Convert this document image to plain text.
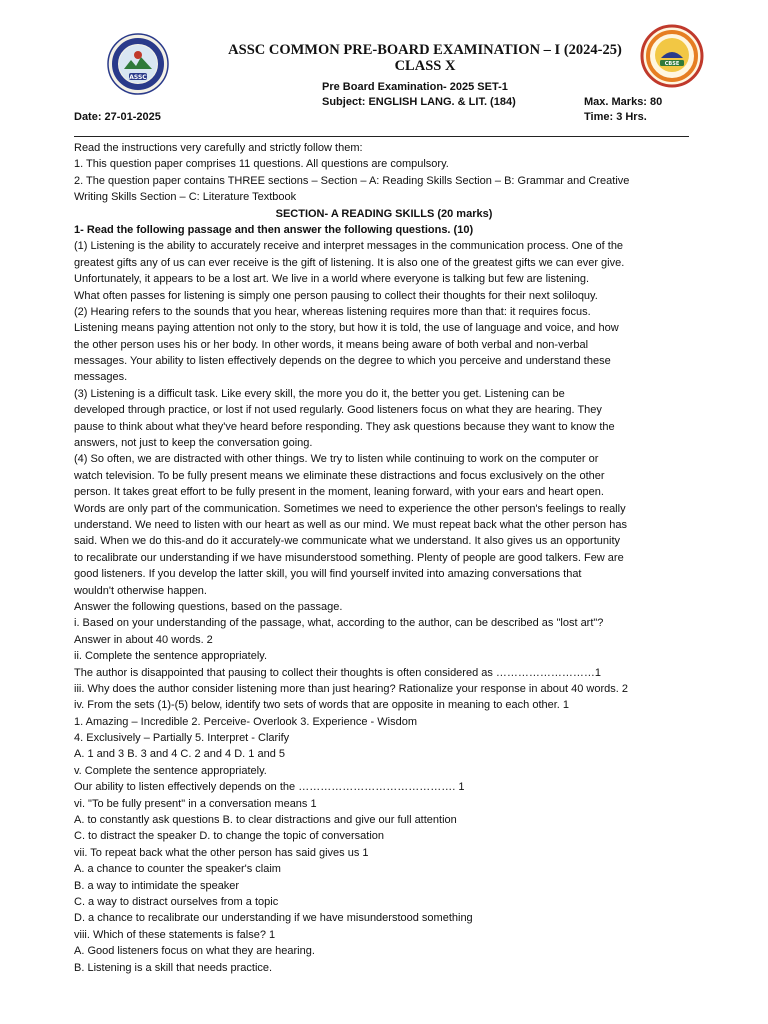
ASSC
CBSE
ASSC COMMON PRE-BOARD EXAMINATION – I (2024-25)
CLASS X
Pre Board Examination- 2025 SET-1
Subject: ENGLISH LANG. & LIT. (184)	Max. Marks: 80
Date: 27-01-2025	Time: 3 Hrs.
Read the instructions very carefully and strictly follow them:
1. This question paper comprises 11 questions. All questions are compulsory.
2. The question paper contains THREE sections – Section – A: Reading Skills Section – B: Grammar and Creative
Writing Skills Section – C: Literature Textbook
SECTION- A READING SKILLS (20 marks)
1- Read the following passage and then answer the following questions. (10)
(1) Listening is the ability to accurately receive and interpret messages in the communication process. One of the
greatest gifts any of us can ever receive is the gift of listening. It is also one of the greatest gifts we can ever give.
Unfortunately, it appears to be a lost art. We live in a world where everyone is talking but few are listening.
What often passes for listening is simply one person pausing to collect their thoughts for their next soliloquy.
(2) Hearing refers to the sounds that you hear, whereas listening requires more than that: it requires focus.
Listening means paying attention not only to the story, but how it is told, the use of language and voice, and how
the other person uses his or her body. In other words, it means being aware of both verbal and non-verbal
messages. Your ability to listen effectively depends on the degree to which you perceive and understand these
messages.
(3) Listening is a difficult task. Like every skill, the more you do it, the better you get. Listening can be
developed through practice, or lost if not used regularly. Good listeners focus on what they are hearing. They
pause to think about what they've heard before responding. They ask questions because they want to know the
answers, not just to keep the conversation going.
(4) So often, we are distracted with other things. We try to listen while continuing to work on the computer or
watch television. To be fully present means we eliminate these distractions and focus exclusively on the other
person. It takes great effort to be fully present in the moment, leaning forward, with your ears and heart open.
Words are only part of the communication. Sometimes we need to experience the other person's feelings to really
understand. We need to listen with our heart as well as our mind. We must repeat back what the other person has
said. When we do this-and do it accurately-we communicate what we understand. It also gives us an opportunity
to recalibrate our understanding if we have misunderstood something. Plenty of people are good talkers. Few are
good listeners. If you develop the latter skill, you will find yourself invited into amazing conversations that
wouldn't otherwise happen.
Answer the following questions, based on the passage.
i. Based on your understanding of the passage, what, according to the author, can be described as "lost art"?
Answer in about 40 words. 2
ii. Complete the sentence appropriately.
The author is disappointed that pausing to collect their thoughts is often considered as ………………………1
iii. Why does the author consider listening more than just hearing? Rationalize your response in about 40 words. 2
iv. From the sets (1)-(5) below, identify two sets of words that are opposite in meaning to each other. 1
1. Amazing – Incredible 2. Perceive- Overlook 3. Experience - Wisdom
4. Exclusively – Partially 5. Interpret - Clarify
A. 1 and 3 B. 3 and 4 C. 2 and 4 D. 1 and 5
v. Complete the sentence appropriately.
Our ability to listen effectively depends on the ……………………………………. 1
vi. "To be fully present" in a conversation means 1
A. to constantly ask questions B. to clear distractions and give our full attention
C. to distract the speaker D. to change the topic of conversation
vii. To repeat back what the other person has said gives us 1
A. a chance to counter the speaker's claim
B. a way to intimidate the speaker
C. a way to distract ourselves from a topic
D. a chance to recalibrate our understanding if we have misunderstood something
viii. Which of these statements is false? 1
A. Good listeners focus on what they are hearing.
B. Listening is a skill that needs practice.
